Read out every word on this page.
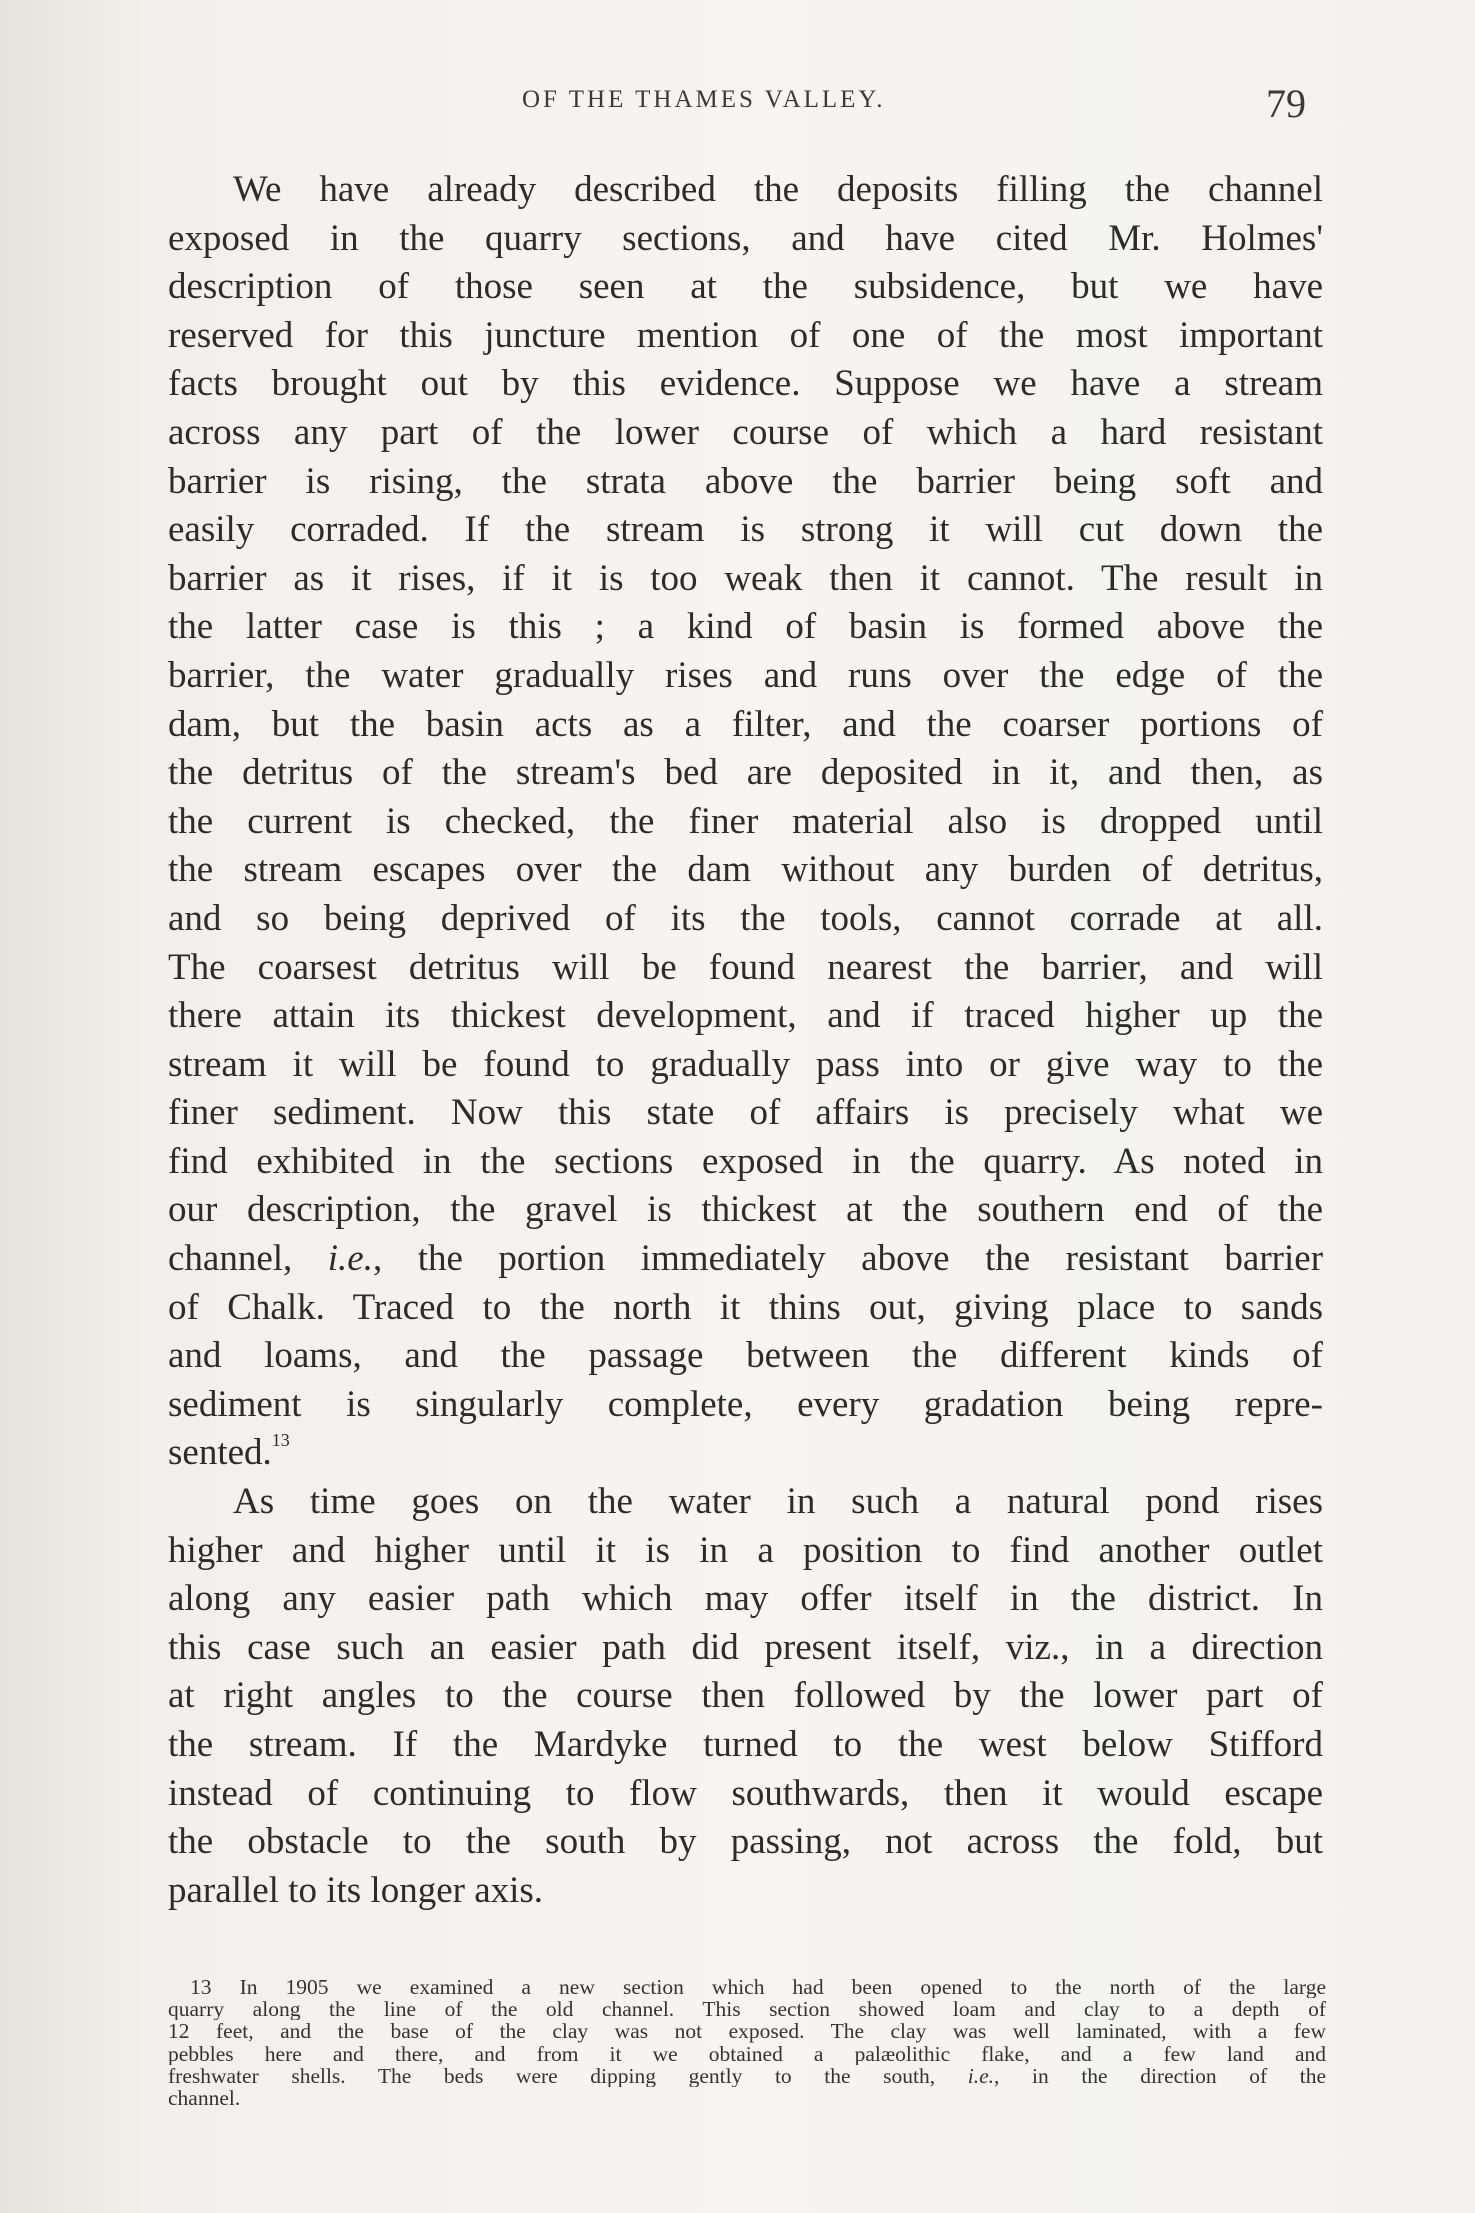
OF THE THAMES VALLEY.	79

We have already described the deposits filling the channel
exposed in the quarry sections, and have cited Mr. Holmes'
description of those seen at the subsidence, but we have
reserved for this juncture mention of one of the most important
facts brought out by this evidence. Suppose we have a stream
across any part of the lower course of which a hard resistant
barrier is rising, the strata above the barrier being soft and
easily corraded. If the stream is strong it will cut down the
barrier as it rises, if it is too weak then it cannot. The result in
the latter case is this ; a kind of basin is formed above the
barrier, the water gradually rises and runs over the edge of the
dam, but the basin acts as a filter, and the coarser portions of
the detritus of the stream's bed are deposited in it, and then, as
the current is checked, the finer material also is dropped until
the stream escapes over the dam without any burden of detritus,
and so being deprived of its the tools, cannot corrade at all.
The coarsest detritus will be found nearest the barrier, and will
there attain its thickest development, and if traced higher up the
stream it will be found to gradually pass into or give way to the
finer sediment. Now this state of affairs is precisely what we
find exhibited in the sections exposed in the quarry. As noted in
our description, the gravel is thickest at the southern end of the
channel, i.e., the portion immediately above the resistant barrier
of Chalk. Traced to the north it thins out, giving place to sands
and loams, and the passage between the different kinds of
sediment is singularly complete, every gradation being repre-
sented.$^{13}$

As time goes on the water in such a natural pond rises
higher and higher until it is in a position to find another outlet
along any easier path which may offer itself in the district. In
this case such an easier path did present itself, viz., in a direction
at right angles to the course then followed by the lower part of
the stream. If the Mardyke turned to the west below Stifford
instead of continuing to flow southwards, then it would escape
the obstacle to the south by passing, not across the fold, but
parallel to its longer axis.

13 In 1905 we examined a new section which had been opened to the north of the large
quarry along the line of the old channel. This section showed loam and clay to a depth of
12 feet, and the base of the clay was not exposed. The clay was well laminated, with a few
pebbles here and there, and from it we obtained a palæolithic flake, and a few land and
freshwater shells. The beds were dipping gently to the south, i.e., in the direction of the
channel.
